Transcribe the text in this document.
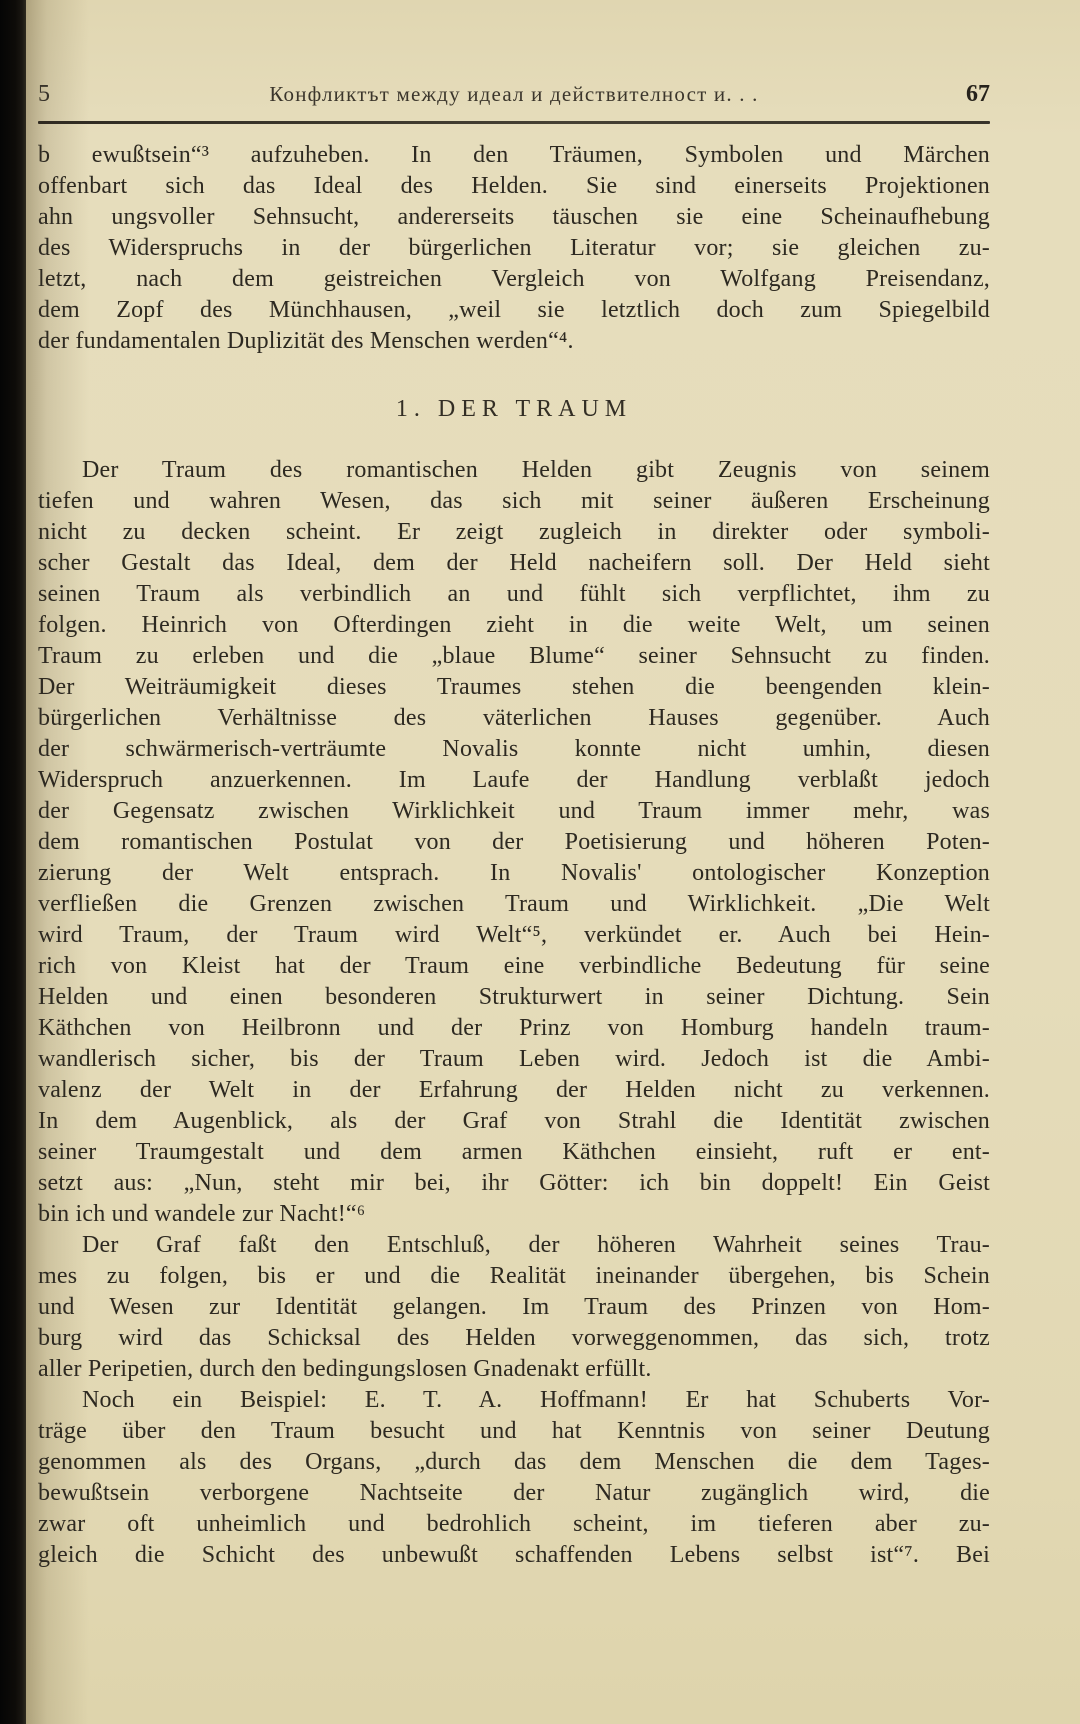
5	Конфликтът между идеал и действителност и. . .	67
b ewußtsein“³ aufzuheben. In den Träumen, Symbolen und Märchen
offenbart sich das Ideal des Helden. Sie sind einerseits Projektionen
ahn ungsvoller Sehnsucht, andererseits täuschen sie eine Scheinaufhebung
des Widerspruchs in der bürgerlichen Literatur vor; sie gleichen zu-
letzt, nach dem geistreichen Vergleich von Wolfgang Preisendanz,
dem Zopf des Münchhausen, „weil sie letztlich doch zum Spiegelbild
der fundamentalen Duplizität des Menschen werden“⁴.
1. DER TRAUM
Der Traum des romantischen Helden gibt Zeugnis von seinem
tiefen und wahren Wesen, das sich mit seiner äußeren Erscheinung
nicht zu decken scheint. Er zeigt zugleich in direkter oder symboli-
scher Gestalt das Ideal, dem der Held nacheifern soll. Der Held sieht
seinen Traum als verbindlich an und fühlt sich verpflichtet, ihm zu
folgen. Heinrich von Ofterdingen zieht in die weite Welt, um seinen
Traum zu erleben und die „blaue Blume“ seiner Sehnsucht zu finden.
Der Weiträumigkeit dieses Traumes stehen die beengenden klein-
bürgerlichen Verhältnisse des väterlichen Hauses gegenüber. Auch
der schwärmerisch-verträumte Novalis konnte nicht umhin, diesen
Widerspruch anzuerkennen. Im Laufe der Handlung verblaßt jedoch
der Gegensatz zwischen Wirklichkeit und Traum immer mehr, was
dem romantischen Postulat von der Poetisierung und höheren Poten-
zierung der Welt entsprach. In Novalis' ontologischer Konzeption
verfließen die Grenzen zwischen Traum und Wirklichkeit. „Die Welt
wird Traum, der Traum wird Welt“⁵, verkündet er. Auch bei Hein-
rich von Kleist hat der Traum eine verbindliche Bedeutung für seine
Helden und einen besonderen Strukturwert in seiner Dichtung. Sein
Käthchen von Heilbronn und der Prinz von Homburg handeln traum-
wandlerisch sicher, bis der Traum Leben wird. Jedoch ist die Ambi-
valenz der Welt in der Erfahrung der Helden nicht zu verkennen.
In dem Augenblick, als der Graf von Strahl die Identität zwischen
seiner Traumgestalt und dem armen Käthchen einsieht, ruft er ent-
setzt aus: „Nun, steht mir bei, ihr Götter: ich bin doppelt! Ein Geist
bin ich und wandele zur Nacht!“⁶
Der Graf faßt den Entschluß, der höheren Wahrheit seines Trau-
mes zu folgen, bis er und die Realität ineinander übergehen, bis Schein
und Wesen zur Identität gelangen. Im Traum des Prinzen von Hom-
burg wird das Schicksal des Helden vorweggenommen, das sich, trotz
aller Peripetien, durch den bedingungslosen Gnadenakt erfüllt.
Noch ein Beispiel: E. T. A. Hoffmann! Er hat Schuberts Vor-
träge über den Traum besucht und hat Kenntnis von seiner Deutung
genommen als des Organs, „durch das dem Menschen die dem Tages-
bewußtsein verborgene Nachtseite der Natur zugänglich wird, die
zwar oft unheimlich und bedrohlich scheint, im tieferen aber zu-
gleich die Schicht des unbewußt schaffenden Lebens selbst ist“⁷. Bei
